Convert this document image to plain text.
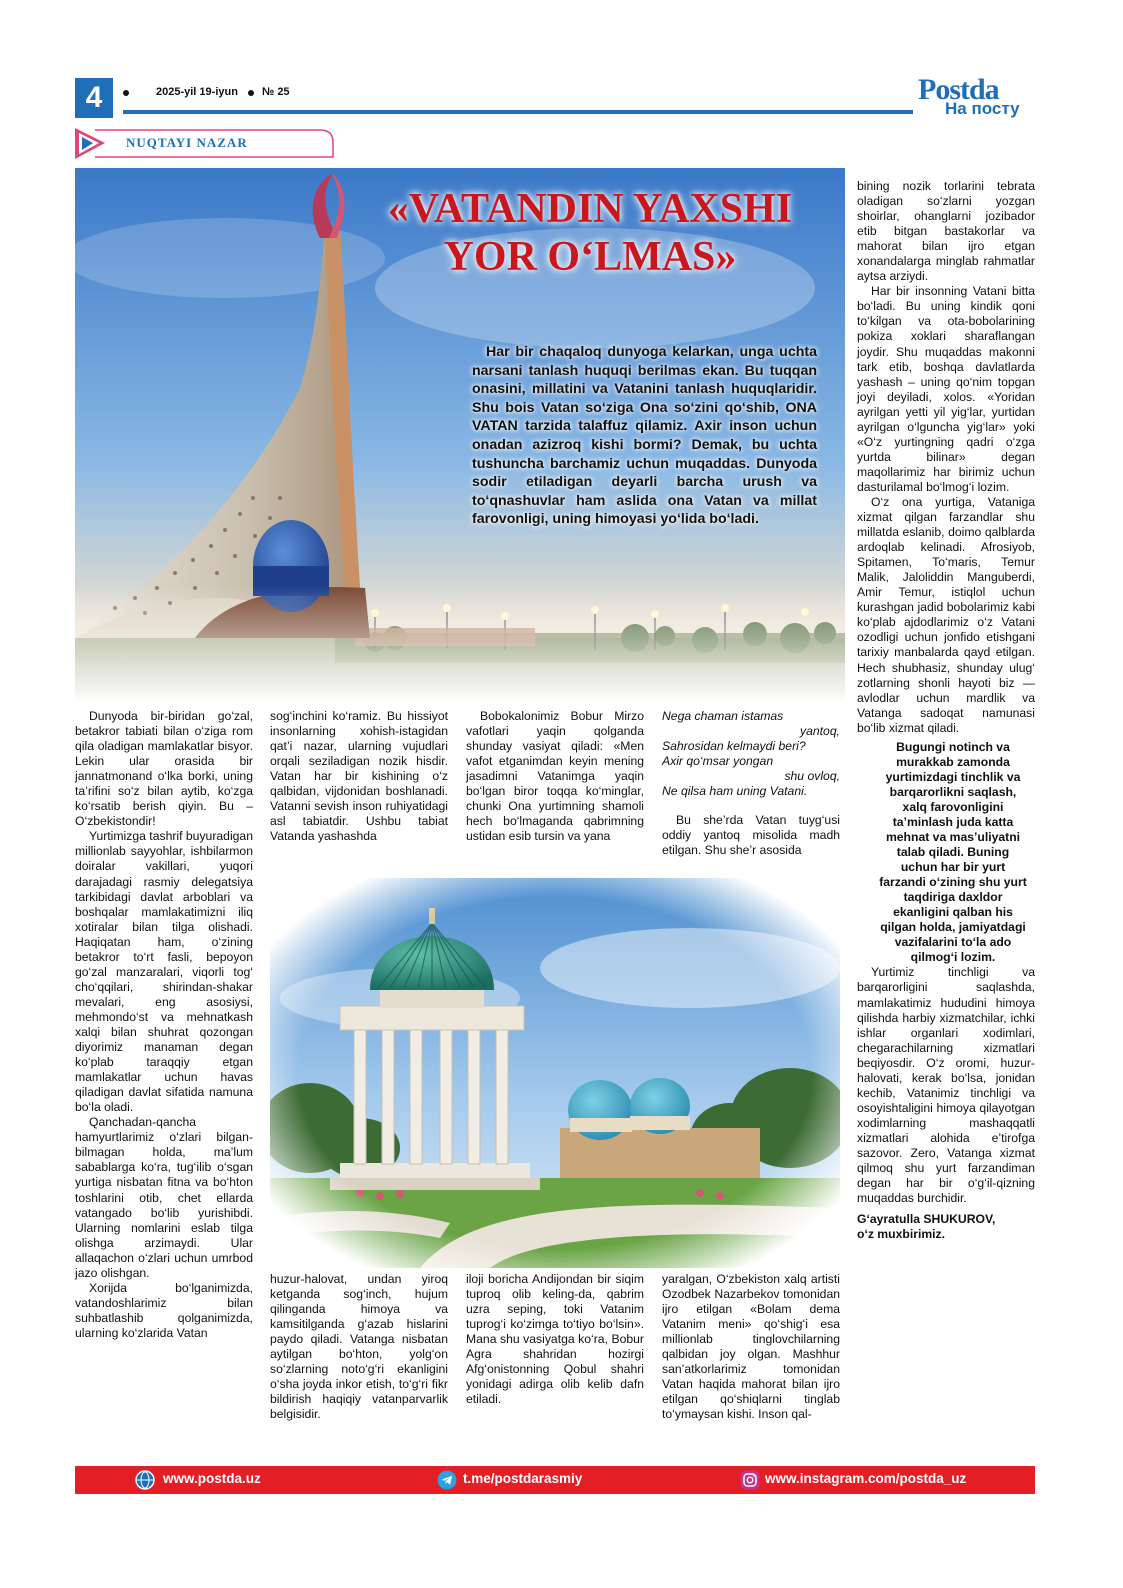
4	2025-yil 19-iyun № 25	Postda
На посту
NUQTAYI NAZAR
«VATANDIN YAXSHI
YOR O‘LMAS»

Har bir chaqaloq dunyoga kelarkan, unga uchta narsani tanlash huquqi berilmas ekan. Bu tuqqan onasini, millatini va Vatanini tanlash huquqlaridir. Shu bois Vatan so‘ziga Ona so‘zini qo‘shib, ONA VATAN tarzida talaffuz qilamiz. Axir inson uchun onadan azizroq kishi bormi? Demak, bu uchta tushuncha barchamiz uchun muqaddas. Dunyoda sodir etiladigan deyarli barcha urush va to‘qnashuvlar ham aslida ona Vatan va millat farovonligi, uning himoyasi yo‘lida bo‘ladi.

Dunyoda bir-biridan go‘zal, betakror tabiati bilan o‘ziga rom qila oladigan mamlakatlar bisyor. Lekin ular orasida bir jannatmonand o‘lka borki, uning ta’rifini so‘z bilan aytib, ko‘zga ko‘rsatib berish qiyin. Bu – O‘zbekistondir!

Yurtimizga tashrif buyuradigan millionlab sayyohlar, ishbilarmon doiralar vakillari, yuqori darajadagi rasmiy delegatsiya tarkibidagi davlat arboblari va boshqalar mamlakatimizni iliq xotiralar bilan tilga olishadi. Haqiqatan ham, o‘zining betakror to‘rt fasli, bepoyon go‘zal manzaralari, viqorli tog‘ cho‘qqilari, shirindan-shakar mevalari, eng asosiysi, mehmondo‘st va mehnatkash xalqi bilan shuhrat qozongan diyorimiz manaman degan ko‘plab taraqqiy etgan mamlakatlar uchun havas qiladigan davlat sifatida namuna bo‘la oladi.

Qanchadan-qancha hamyurtlarimiz o‘zlari bilgan-bilmagan holda, ma’lum sabablarga ko‘ra, tug‘ilib o‘sgan yurtiga nisbatan fitna va bo‘hton toshlarini otib, chet ellarda vatangado bo‘lib yurishibdi. Ularning nomlarini eslab tilga olishga arzimaydi. Ular allaqachon o‘zlari uchun umrbod jazo olishgan.

Xorijda bo‘lganimizda, vatandoshlarimiz bilan suhbatlashib qolganimizda, ularning ko‘zlarida Vatan

sog‘inchini ko‘ramiz. Bu hissiyot insonlarning xohish-istagidan qat’i nazar, ularning vujudlari orqali seziladigan nozik hisdir. Vatan har bir kishining o‘z qalbidan, vijdonidan boshlanadi. Vatanni sevish inson ruhiyatidagi asl tabiatdir. Ushbu tabiat Vatanda yashashda

Bobokalonimiz Bobur Mirzo vafotlari yaqin qolganda shunday vasiyat qiladi: «Men vafot etganimdan keyin mening jasadimni Vatanimga yaqin bo‘lgan biror toqqa ko‘minglar, chunki Ona yurtimning shamoli hech bo‘lmaganda qabrimning ustidan esib tursin va yana

Nega chaman istamas

yantoq,

Sahrosidan kelmaydi beri?

Axir qo‘msar yongan

shu ovloq,

Ne qilsa ham uning Vatani.

Bu she’rda Vatan tuyg‘usi oddiy yantoq misolida madh etilgan. Shu she’r asosida

huzur-halovat, undan yiroq ketganda sog‘inch, hujum qilinganda himoya va kamsitilganda g‘azab hislarini paydo qiladi. Vatanga nisbatan aytilgan bo‘hton, yolg‘on so‘zlarning noto‘g‘ri ekanligini o‘sha joyda inkor etish, to‘g‘ri fikr bildirish haqiqiy vatanparvarlik belgisidir.

iloji boricha Andijondan bir siqim tuproq olib keling-da, qabrim uzra seping, toki Vatanim tuprog‘i ko‘zimga to‘tiyo bo‘lsin». Mana shu vasiyatga ko‘ra, Bobur Agra shahridan hozirgi Afg‘onistonning Qobul shahri yonidagi adirga olib kelib dafn etiladi.

yaralgan, O‘zbekiston xalq artisti Ozodbek Nazarbekov tomonidan ijro etilgan «Bolam dema Vatanim meni» qo‘shig‘i esa millionlab tinglovchilarning qalbidan joy olgan. Mashhur san’atkorlarimiz tomonidan Vatan haqida mahorat bilan ijro etilgan qo‘shiqlarni tinglab to‘ymaysan kishi. Inson qal-

bining nozik torlarini tebrata oladigan so‘zlarni yozgan shoirlar, ohanglarni jozibador etib bitgan bastakorlar va mahorat bilan ijro etgan xonandalarga minglab rahmatlar aytsa arziydi.

Har bir insonning Vatani bitta bo‘ladi. Bu uning kindik qoni to‘kilgan va ota-bobolarining pokiza xoklari sharaflangan joydir. Shu muqaddas makonni tark etib, boshqa davlatlarda yashash – uning qo‘nim topgan joyi deyiladi, xolos. «Yoridan ayrilgan yetti yil yig‘lar, yurtidan ayrilgan o‘lguncha yig‘lar» yoki «O‘z yurtingning qadri o‘zga yurtda bilinar» degan maqollarimiz har birimiz uchun dasturilamal bo‘lmog‘i lozim.

O‘z ona yurtiga, Vataniga xizmat qilgan farzandlar shu millatda eslanib, doimo qalblarda ardoqlab kelinadi. Afrosiyob, Spitamen, To‘maris, Temur Malik, Jaloliddin Manguberdi, Amir Temur, istiqlol uchun kurashgan jadid bobolarimiz kabi ko‘plab ajdodlarimiz o‘z Vatani ozodligi uchun jonfido etishgani tarixiy manbalarda qayd etilgan. Hech shubhasiz, shunday ulug‘ zotlarning shonli hayoti biz — avlodlar uchun mardlik va Vatanga sadoqat namunasi bo‘lib xizmat qiladi.

Bugungi notinch va murakkab zamonda yurtimizdagi tinchlik va barqarorlikni saqlash, xalq farovonligini ta’minlash juda katta mehnat va mas’uliyatni talab qiladi. Buning uchun har bir yurt farzandi o‘zining shu yurt taqdiriga daxldor ekanligini qalban his qilgan holda, jamiyatdagi vazifalarini to‘la ado qilmog‘i lozim.

Yurtimiz tinchligi va barqarorligini saqlashda, mamlakatimiz hududini himoya qilishda harbiy xizmatchilar, ichki ishlar organlari xodimlari, chegarachilarning xizmatlari beqiyosdir. O‘z oromi, huzur-halovati, kerak bo‘lsa, jonidan kechib, Vatanimiz tinchligi va osoyishtaligini himoya qilayotgan xodimlarning mashaqqatli xizmatlari alohida e’tirofga sazovor. Zero, Vatanga xizmat qilmoq shu yurt farzandiman degan har bir o‘g‘il-qizning muqaddas burchidir.

G‘ayratulla SHUKUROV,

o‘z muxbirimiz.

www.postda.uz	t.me/postdarasmiy	www.instagram.com/postda_uz
